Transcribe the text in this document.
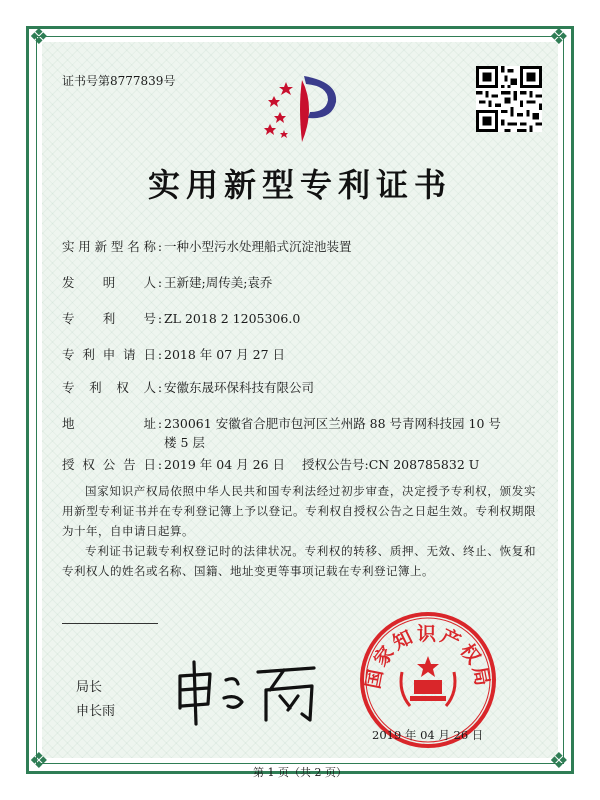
❖	❖
❖	❖
证书号第8777839号
实用新型专利证书
实用新型名称 : 一种小型污水处理船式沉淀池装置
发明人 : 王新建;周传美;袁乔
专利号 : ZL 2018 2 1205306.0
专利申请日 : 2018 年 07 月 27 日
专利权人 : 安徽东晟环保科技有限公司
地址 : 230061 安徽省合肥市包河区兰州路 88 号青网科技园 10 号
楼 5 层
授权公告日 : 2019 年 04 月 26 日 授权公告号:CN 208785832 U
国家知识产权局依照中华人民共和国专利法经过初步审查，决定授予专利权，颁发实用新型专利证书并在专利登记簿上予以登记。专利权自授权公告之日起生效。专利权期限为十年，自申请日起算。
专利证书记载专利权登记时的法律状况。专利权的转移、质押、无效、终止、恢复和专利权人的姓名或名称、国籍、地址变更等事项记载在专利登记簿上。
局长
申长雨
国家知识产权局
2019 年 04 月 26 日
第 1 页（共 2 页）
